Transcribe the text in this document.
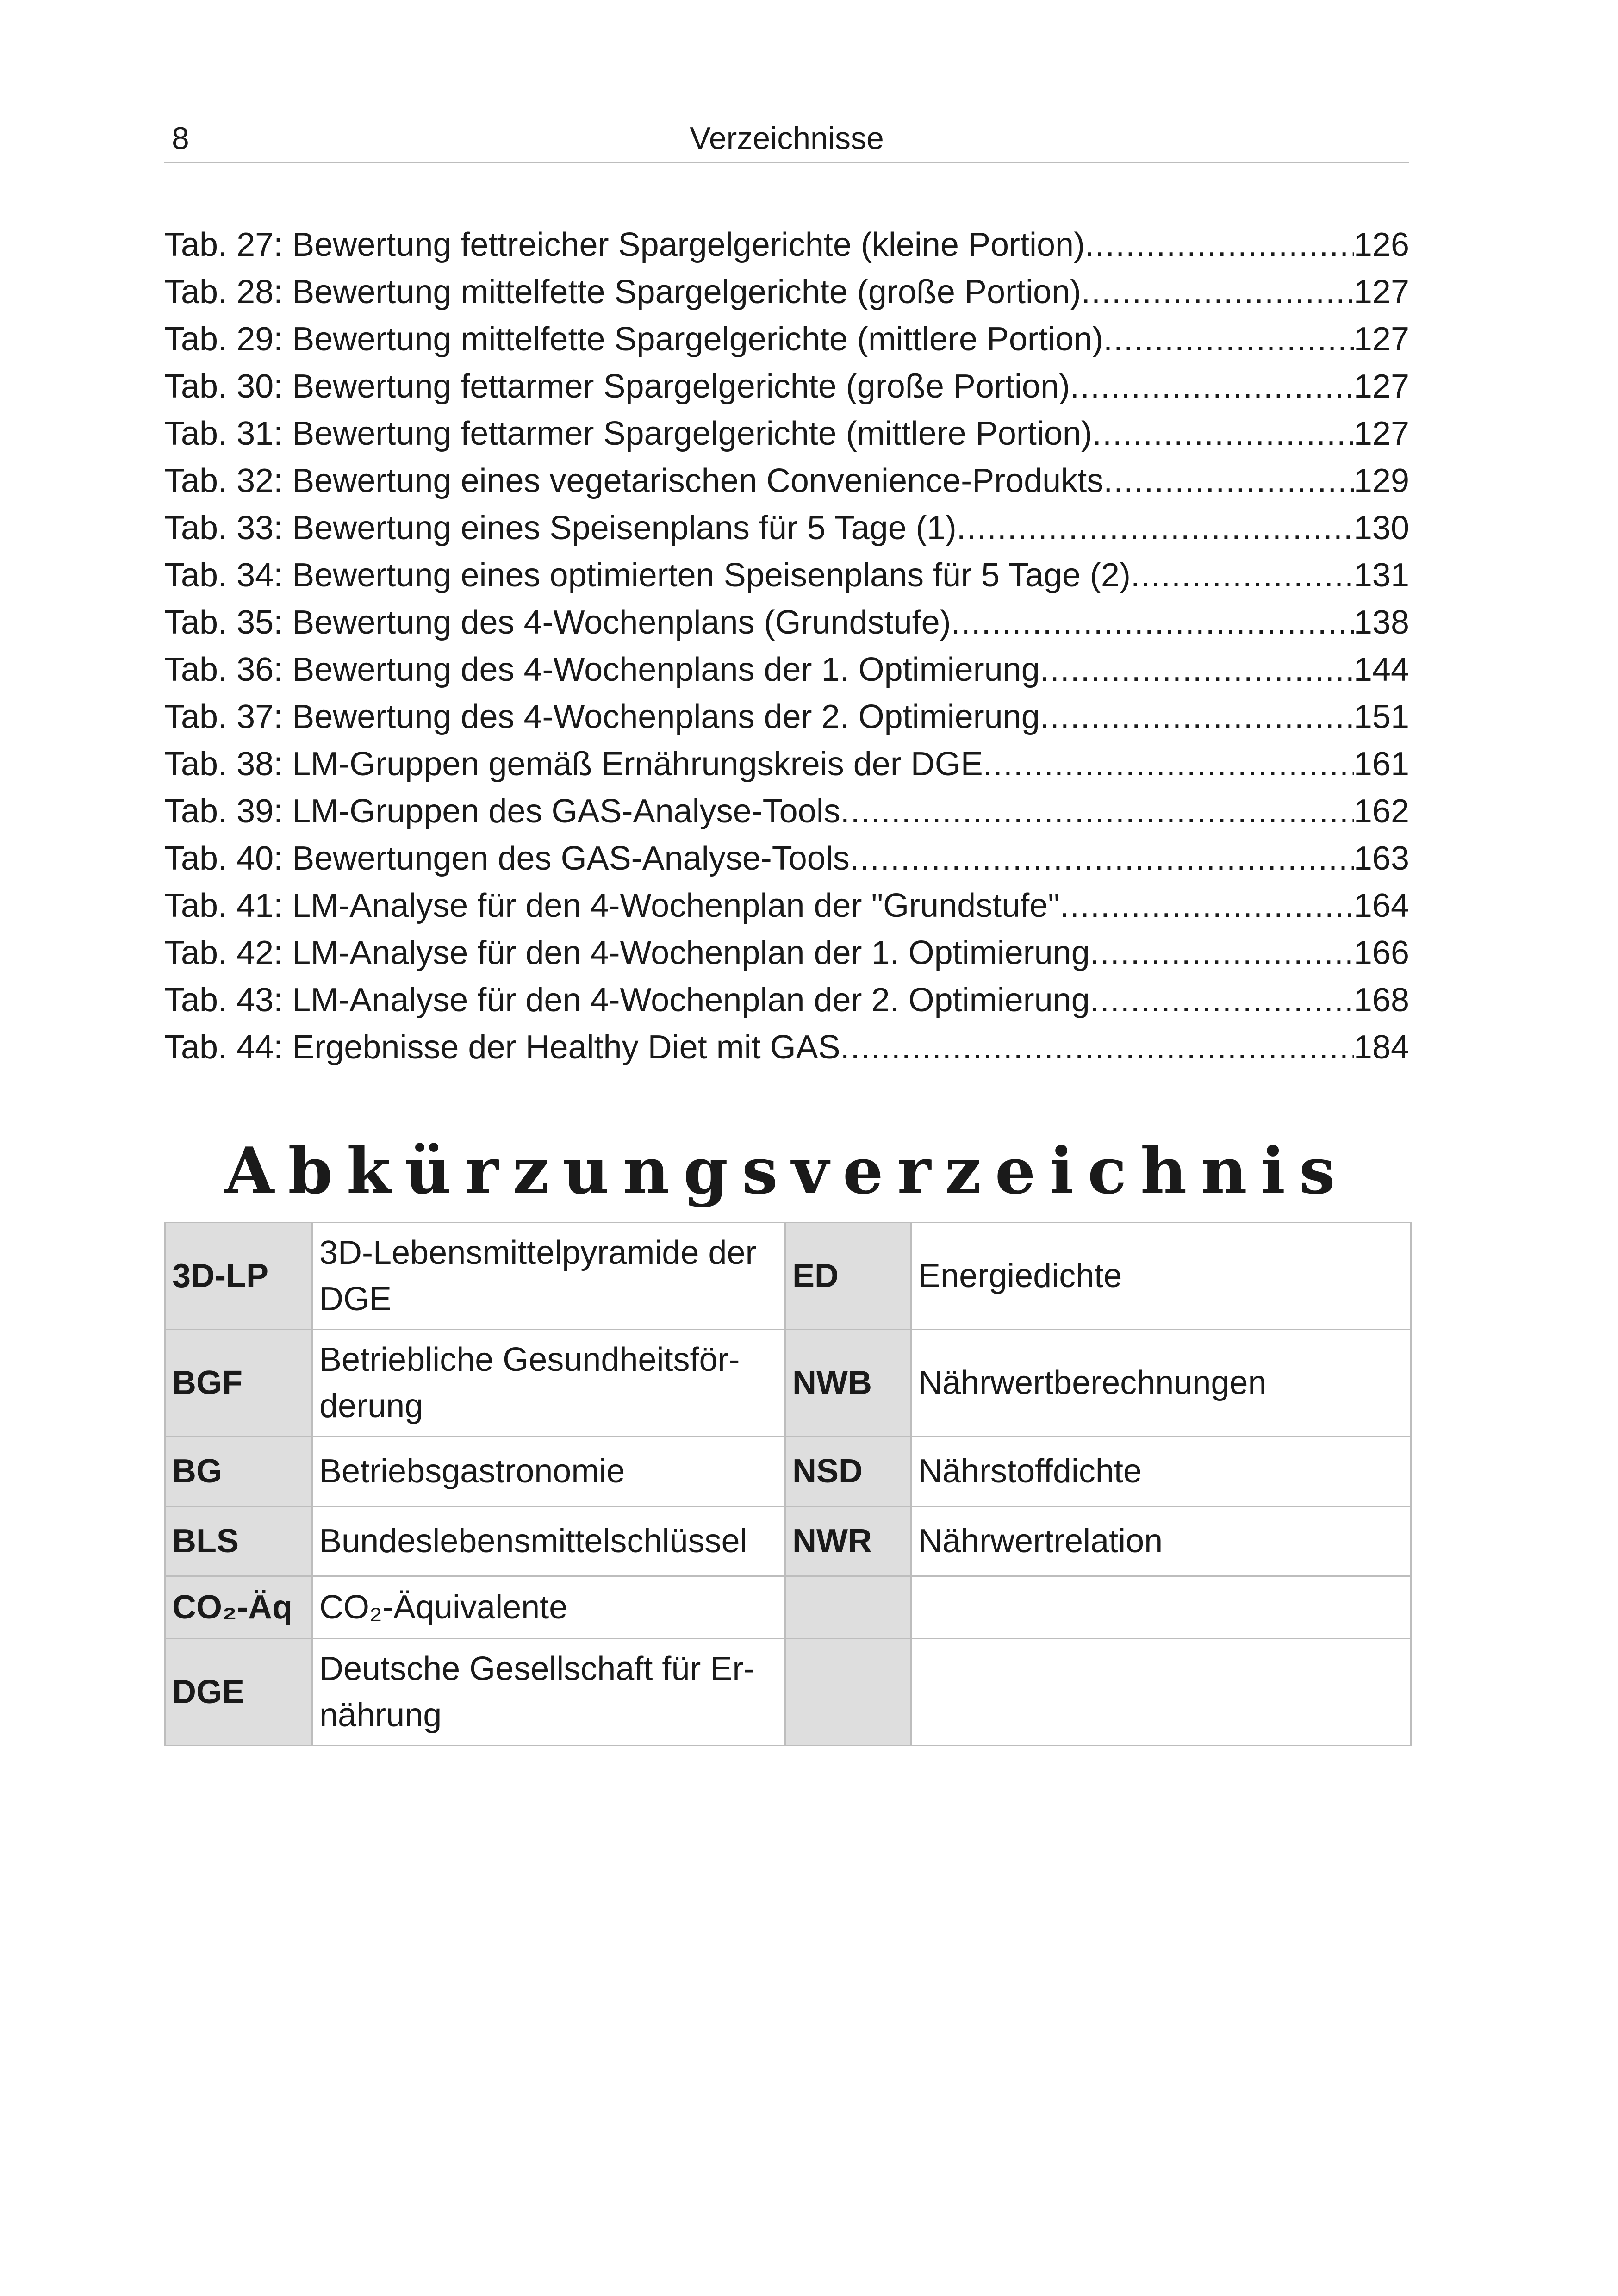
8	Verzeichnisse
Tab. 27: Bewertung fettreicher Spargelgerichte (kleine Portion) .....	126
Tab. 28: Bewertung mittelfette Spargelgerichte (große Portion) .....	127
Tab. 29: Bewertung mittelfette Spargelgerichte (mittlere Portion) .....	127
Tab. 30: Bewertung fettarmer Spargelgerichte (große Portion) .....	127
Tab. 31: Bewertung fettarmer Spargelgerichte (mittlere Portion) .....	127
Tab. 32: Bewertung eines vegetarischen Convenience-Produkts .....	129
Tab. 33: Bewertung eines Speisenplans für 5 Tage (1) .....	130
Tab. 34: Bewertung eines optimierten Speisenplans für 5 Tage (2) .....	131
Tab. 35: Bewertung des 4-Wochenplans (Grundstufe) .....	138
Tab. 36: Bewertung des 4-Wochenplans der 1. Optimierung .....	144
Tab. 37: Bewertung des 4-Wochenplans der 2. Optimierung .....	151
Tab. 38: LM-Gruppen gemäß Ernährungskreis der DGE .....	161
Tab. 39: LM-Gruppen des GAS-Analyse-Tools .....	162
Tab. 40: Bewertungen des GAS-Analyse-Tools .....	163
Tab. 41: LM-Analyse für den 4-Wochenplan der "Grundstufe" .....	164
Tab. 42: LM-Analyse für den 4-Wochenplan der 1. Optimierung .....	166
Tab. 43: LM-Analyse für den 4-Wochenplan der 2. Optimierung .....	168
Tab. 44: Ergebnisse der Healthy Diet mit GAS .....	184
Abkürzungsverzeichnis
3D-LP	3D-Lebensmittelpyramide der DGE	ED	Energiedichte
BGF	Betriebliche Gesundheitsför-derung	NWB	Nährwertberechnungen
BG	Betriebsgastronomie	NSD	Nährstoffdichte
BLS	Bundeslebensmittelschlüssel	NWR	Nährwertrelation
CO₂-Äq	CO₂-Äquivalente		
DGE	Deutsche Gesellschaft für Er-nährung		
